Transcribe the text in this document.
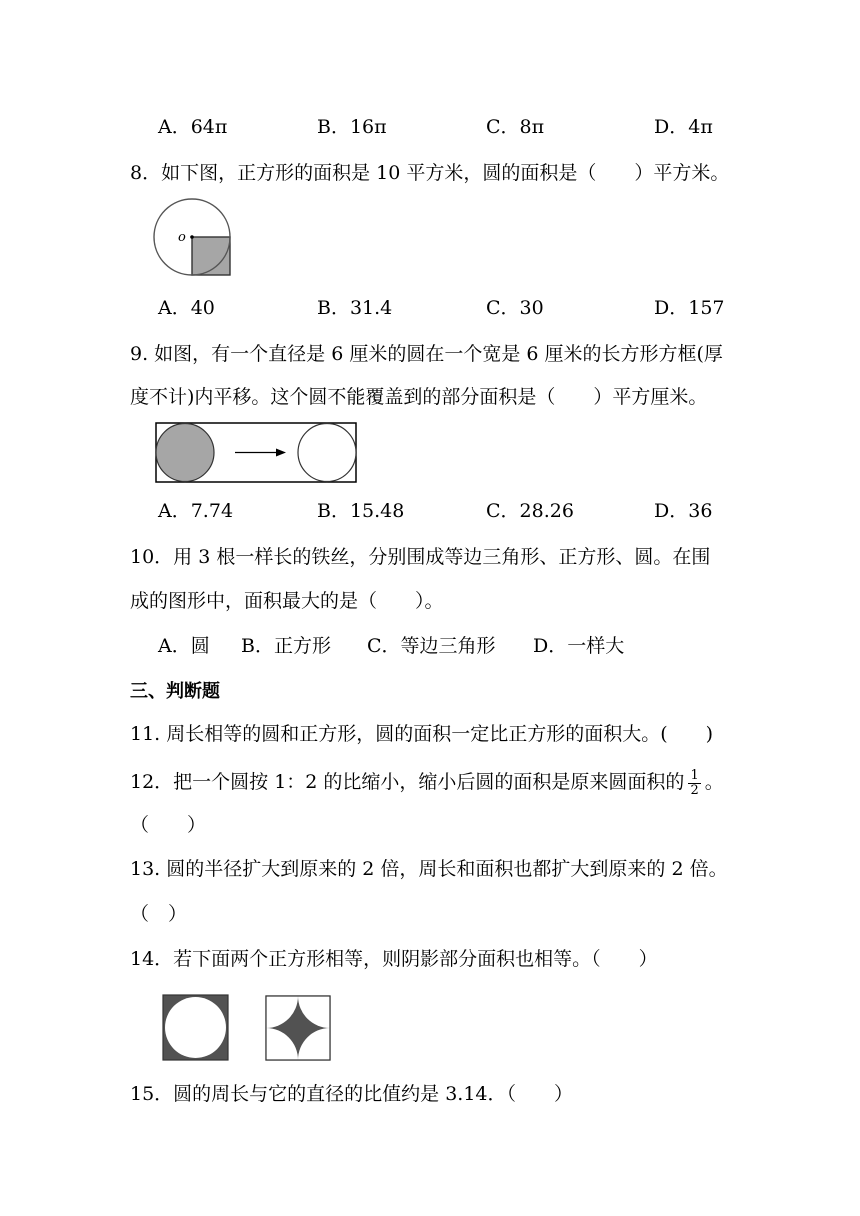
A．64π	B．16π	C．8π	D．4π
8．如下图，正方形的面积是 10 平方米，圆的面积是（　　）平方米。
o
A．40	B．31.4	C．30	D．157
9. 如图，有一个直径是 6 厘米的圆在一个宽是 6 厘米的长方形方框(厚
度不计)内平移。这个圆不能覆盖到的部分面积是（　　）平方厘米。
A．7.74	B．15.48	C．28.26	D．36
10．用 3 根一样长的铁丝，分别围成等边三角形、正方形、圆。在围
成的图形中，面积最大的是（　　）。
A．圆 B．正方形 C．等边三角形 D．一样大
三、判断题
11. 周长相等的圆和正方形，圆的面积一定比正方形的面积大。(　　)
12．把一个圆按 1：2 的比缩小，缩小后圆的面积是原来圆面积的 $\frac{1}{2}$ 。
（　　）
13. 圆的半径扩大到原来的 2 倍，周长和面积也都扩大到原来的 2 倍。
（　）
14．若下面两个正方形相等，则阴影部分面积也相等。（　　）
15．圆的周长与它的直径的比值约是 3.14．（　　）
